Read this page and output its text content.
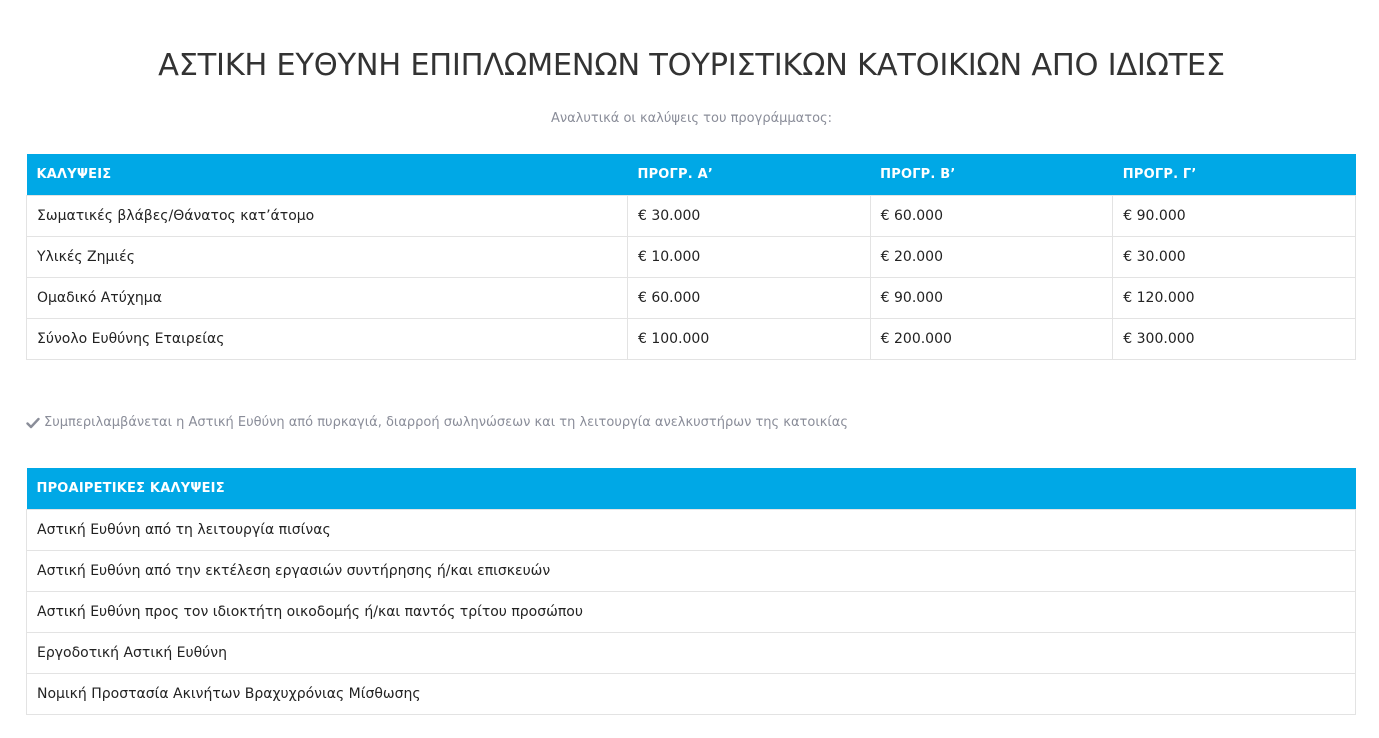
ΑΣΤΙΚΗ ΕΥΘΥΝΗ ΕΠΙΠΛΩΜΕΝΩΝ ΤΟΥΡΙΣΤΙΚΩΝ ΚΑΤΟΙΚΙΩΝ ΑΠΟ ΙΔΙΩΤΕΣ
Αναλυτικά οι καλύψεις του προγράμματος:
ΚΑΛΥΨΕΙΣ	ΠΡΟΓΡ. Α’	ΠΡΟΓΡ. Β’	ΠΡΟΓΡ. Γ’
Σωματικές βλάβες/Θάνατος κατ’άτομο	€ 30.000	€ 60.000	€ 90.000
Υλικές Ζημιές	€ 10.000	€ 20.000	€ 30.000
Ομαδικό Ατύχημα	€ 60.000	€ 90.000	€ 120.000
Σύνολο Ευθύνης Εταιρείας	€ 100.000	€ 200.000	€ 300.000
Συμπεριλαμβάνεται η Αστική Ευθύνη από πυρκαγιά, διαρροή σωληνώσεων και τη λειτουργία ανελκυστήρων της κατοικίας
ΠΡΟΑΙΡΕΤΙΚΕΣ ΚΑΛΥΨΕΙΣ
Αστική Ευθύνη από τη λειτουργία πισίνας
Αστική Ευθύνη από την εκτέλεση εργασιών συντήρησης ή/και επισκευών
Αστική Ευθύνη προς τον ιδιοκτήτη οικοδομής ή/και παντός τρίτου προσώπου
Εργοδοτική Αστική Ευθύνη
Νομική Προστασία Ακινήτων Βραχυχρόνιας Μίσθωσης
